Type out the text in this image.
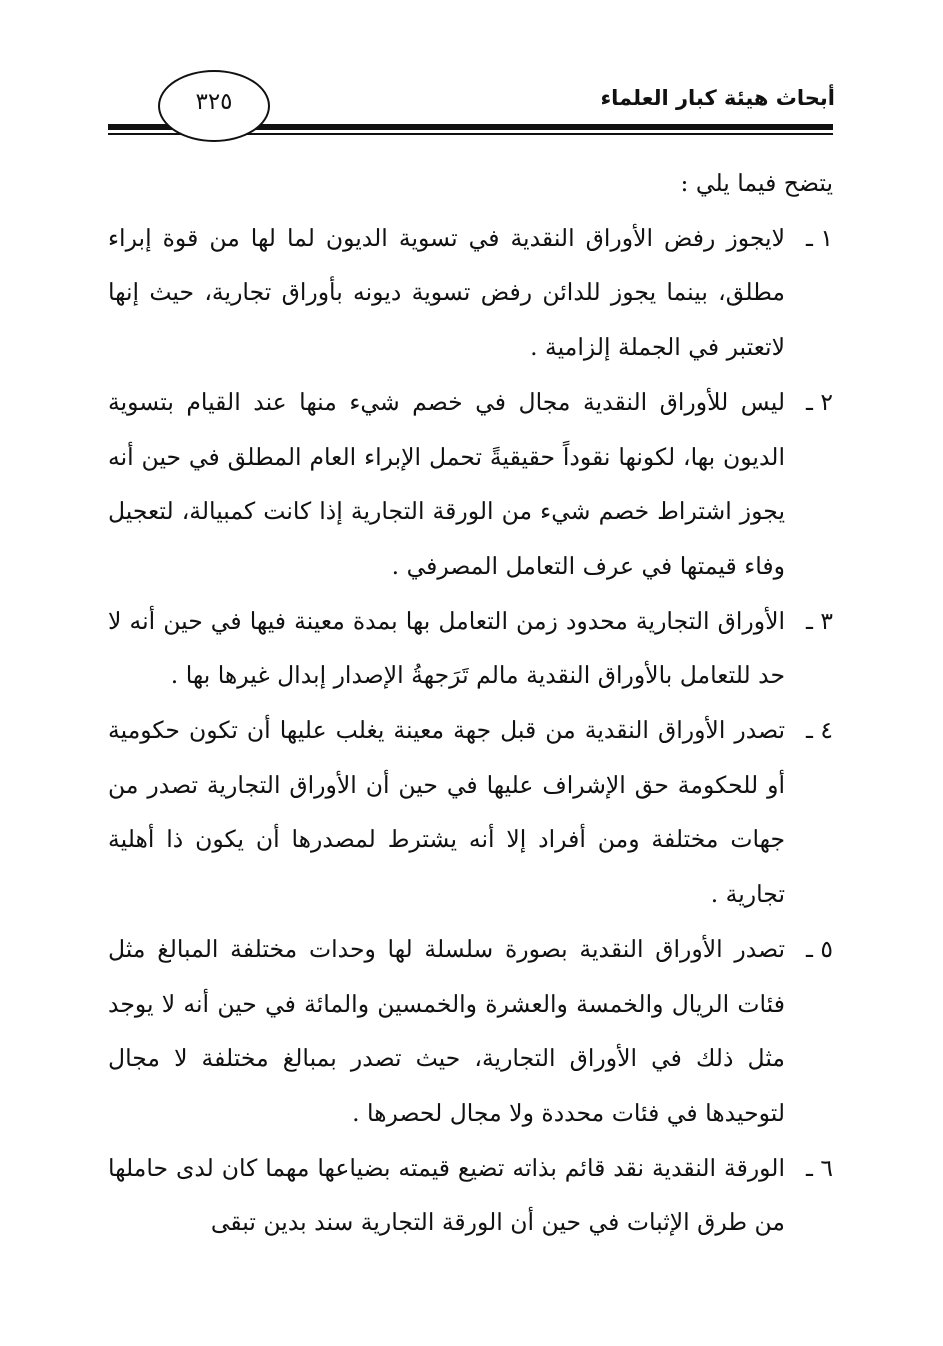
أبحاث هيئة كبار العلماء
٣٢٥

يتضح فيما يلي :

١ ـ

لايجوز رفض الأوراق النقدية في تسوية الديون لما لها من قوة إبراء مطلق، بينما يجوز للدائن رفض تسوية ديونه بأوراق تجارية، حيث إنها لاتعتبر في الجملة إلزامية .

٢ ـ

ليس للأوراق النقدية مجال في خصم شيء منها عند القيام بتسوية الديون بها، لكونها نقوداً حقيقيةً تحمل الإبراء العام المطلق في حين أنه يجوز اشتراط خصم شيء من الورقة التجارية إذا كانت كمبيالة، لتعجيل وفاء قيمتها في عرف التعامل المصرفي .

٣ ـ

الأوراق التجارية محدود زمن التعامل بها بمدة معينة فيها في حين أنه لا حد للتعامل بالأوراق النقدية مالم تَرَجهةُ الإصدار إبدال غيرها بها .

٤ ـ

تصدر الأوراق النقدية من قبل جهة معينة يغلب عليها أن تكون حكومية أو للحكومة حق الإشراف عليها في حين أن الأوراق التجارية تصدر من جهات مختلفة ومن أفراد إلا أنه يشترط لمصدرها أن يكون ذا أهلية تجارية .

٥ ـ

تصدر الأوراق النقدية بصورة سلسلة لها وحدات مختلفة المبالغ مثل فئات الريال والخمسة والعشرة والخمسين والمائة في حين أنه لا يوجد مثل ذلك في الأوراق التجارية، حيث تصدر بمبالغ مختلفة لا مجال لتوحيدها في فئات محددة ولا مجال لحصرها .

٦ ـ

الورقة النقدية نقد قائم بذاته تضيع قيمته بضياعها مهما كان لدى حاملها من طرق الإثبات في حين أن الورقة التجارية سند بدين تبقى
